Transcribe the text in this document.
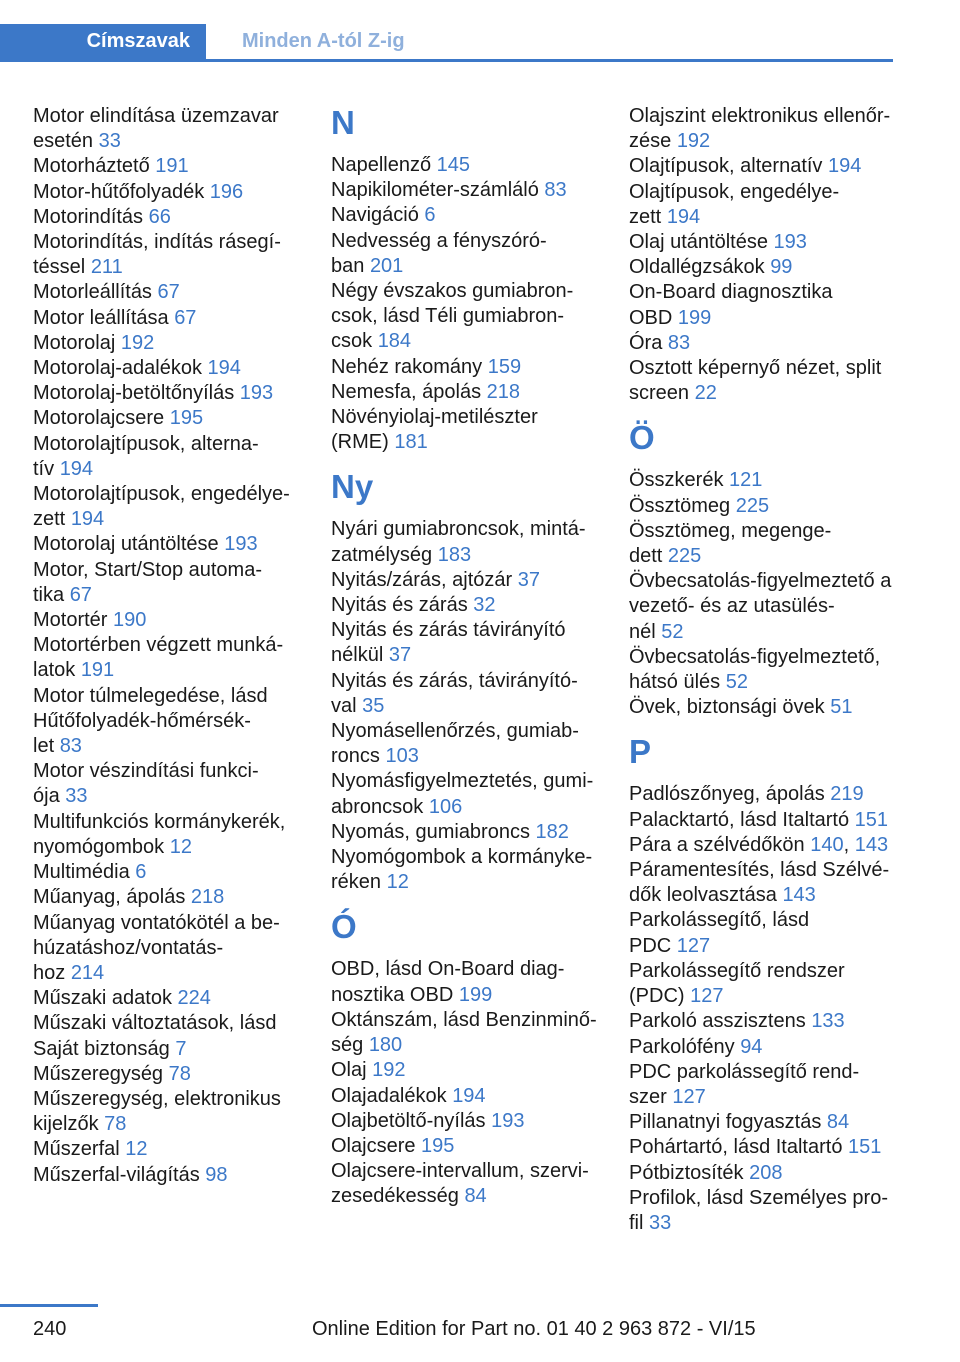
Címszavak	Minden A-tól Z-ig
Motor elindítása üzemzavar
esetén 33
Motorháztető 191
Motor-hűtőfolyadék 196
Motorindítás 66
Motorindítás, indítás rásegí-
téssel 211
Motorleállítás 67
Motor leállítása 67
Motorolaj 192
Motorolaj-adalékok 194
Motorolaj-betöltőnyílás 193
Motorolajcsere 195
Motorolajtípusok, alterna-
tív 194
Motorolajtípusok, engedélye-
zett 194
Motorolaj utántöltése 193
Motor, Start/Stop automa-
tika 67
Motortér 190
Motortérben végzett munká-
latok 191
Motor túlmelegedése, lásd
Hűtőfolyadék-hőmérsék-
let 83
Motor vészindítási funkci-
ója 33
Multifunkciós kormánykerék,
nyomógombok 12
Multimédia 6
Műanyag, ápolás 218
Műanyag vontatókötél a be-
húzatáshoz/vontatás-
hoz 214
Műszaki adatok 224
Műszaki változtatások, lásd
Saját biztonság 7
Műszeregység 78
Műszeregység, elektronikus
kijelzők 78
Műszerfal 12
Műszerfal-világítás 98
N
Napellenző 145
Napikilométer-számláló 83
Navigáció 6
Nedvesség a fényszóró-
ban 201
Négy évszakos gumiabron-
csok, lásd Téli gumiabron-
csok 184
Nehéz rakomány 159
Nemesfa, ápolás 218
Növényiolaj-metilészter
(RME) 181
Ny
Nyári gumiabroncsok, mintá-
zatmélység 183
Nyitás/zárás, ajtózár 37
Nyitás és zárás 32
Nyitás és zárás távirányító
nélkül 37
Nyitás és zárás, távirányító-
val 35
Nyomásellenőrzés, gumiab-
roncs 103
Nyomásfigyelmeztetés, gumi-
abroncsok 106
Nyomás, gumiabroncs 182
Nyomógombok a kormányke-
réken 12
Ó
OBD, lásd On-Board diag-
nosztika OBD 199
Oktánszám, lásd Benzinminő-
ség 180
Olaj 192
Olajadalékok 194
Olajbetöltő-nyílás 193
Olajcsere 195
Olajcsere-intervallum, szervi-
zesedékesség 84
Olajszint elektronikus ellenőr-
zése 192
Olajtípusok, alternatív 194
Olajtípusok, engedélye-
zett 194
Olaj utántöltése 193
Oldallégzsákok 99
On-Board diagnosztika
OBD 199
Óra 83
Osztott képernyő nézet, split
screen 22
Ö
Összkerék 121
Össztömeg 225
Össztömeg, megenge-
dett 225
Övbecsatolás-figyelmeztető a
vezető- és az utasülés-
nél 52
Övbecsatolás-figyelmeztető,
hátsó ülés 52
Övek, biztonsági övek 51
P
Padlószőnyeg, ápolás 219
Palacktartó, lásd Italtartó 151
Pára a szélvédőkön 140, 143
Páramentesítés, lásd Szélvé-
dők leolvasztása 143
Parkolássegítő, lásd
PDC 127
Parkolássegítő rendszer
(PDC) 127
Parkoló asszisztens 133
Parkolófény 94
PDC parkolássegítő rend-
szer 127
Pillanatnyi fogyasztás 84
Pohártartó, lásd Italtartó 151
Pótbiztosíték 208
Profilok, lásd Személyes pro-
fil 33
240	Online Edition for Part no. 01 40 2 963 872 - VI/15
